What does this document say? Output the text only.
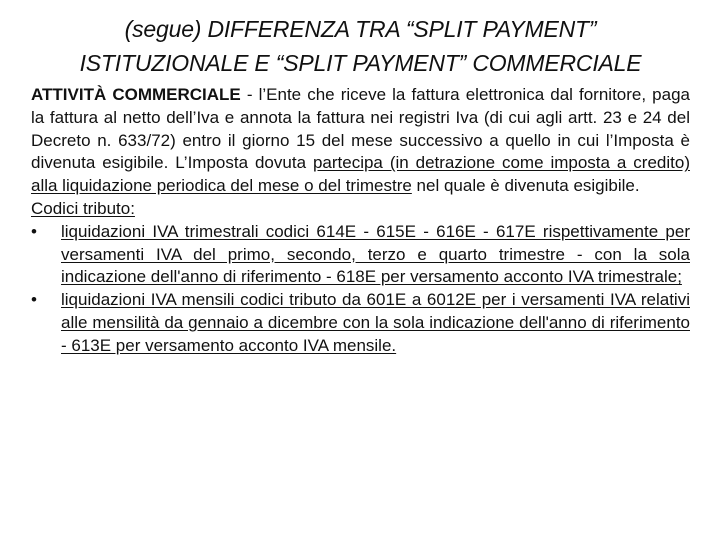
(segue) DIFFERENZA TRA “SPLIT PAYMENT”
ISTITUZIONALE E “SPLIT PAYMENT” COMMERCIALE

ATTIVITÀ COMMERCIALE - l’Ente che riceve la fattura elettronica dal fornitore, paga la fattura al netto dell’Iva e annota la fattura nei registri Iva (di cui agli artt. 23 e 24 del Decreto n. 633/72) entro il giorno 15 del mese successivo a quello in cui l’Imposta è divenuta esigibile. L’Imposta dovuta partecipa (in detrazione come imposta a credito) alla liquidazione periodica del mese o del trimestre nel quale è divenuta esigibile.

Codici tributo:

• liquidazioni IVA trimestrali codici 614E - 615E - 616E - 617E rispettivamente per versamenti IVA del primo, secondo, terzo e quarto trimestre - con la sola indicazione dell'anno di riferimento - 618E per versamento acconto IVA trimestrale;
• liquidazioni IVA mensili codici tributo da 601E a 6012E per i versamenti IVA relativi alle mensilità da gennaio a dicembre con la sola indicazione dell'anno di riferimento - 613E per versamento acconto IVA mensile.
